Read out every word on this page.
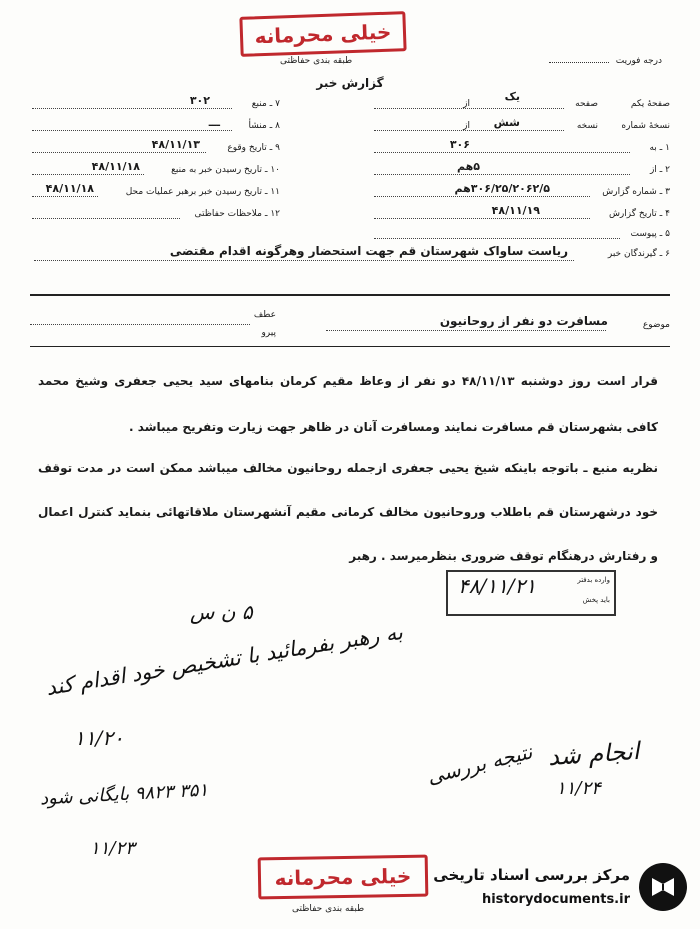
خیلی محرمانه
طبقه بندی حفاظتی	درجه فوریت
گزارش خبر
صفحهٔ یکم
صفحه
یک
از
نسخهٔ شماره
نسخه
شش
از
۱ ـ به
۳۰۶
۲ ـ از
۵هم
۳ ـ شماره گزارش
۳۰۶/۲۵/۲۰۶۲/۵هم
۴ ـ تاریخ گزارش
۴۸/۱۱/۱۹
۵ ـ پیوست
۷ ـ منبع
۳۰۲
۸ ـ منشأ
ـــ
۹ ـ تاریخ وقوع
۴۸/۱۱/۱۳
۱۰ ـ تاریخ رسیدن خبر به منبع
۴۸/۱۱/۱۸
۱۱ ـ تاریخ رسیدن خبر برهبر عملیات محل
۴۸/۱۱/۱۸
۱۲ ـ ملاحظات حفاظتی
۶ ـ گیرندگان خبر
ریاست ساواک شهرستان قم جهت استحضار وهرگونه اقدام مقتضی
موضوع
مسافرت دو نفر از روحانیون
عطف
پیرو
قرار است روز دوشنبه ۴۸/۱۱/۱۳ دو نفر از وعاظ مقیم کرمان بنامهای سید یحیی جعفری وشیخ محمد کافی بشهرستان قم مسافرت نمایند ومسافرت آنان در ظاهر جهت زیارت وتفریح میباشد .
نظریه منبع ـ باتوجه باینکه شیخ یحیی جعفری ازجمله روحانیون مخالف میباشد ممکن است در مدت توقف خود درشهرستان قم باطلاب وروحانیون مخالف کرمانی مقیم آنشهرستان ملاقاتهائی بنماید کنترل اعمال و رفتارش درهنگام توقف ضروری بنظرمیرسد . رهبر
وارده بدفتر
باید پخش
۴۸/۱۱/۲۱
۵ ن س
به رهبر بفرمائید با تشخیص خود اقدام کند
۱۱/۲۰
۳۵۱ ۹۸۲۳ بایگانی شود
۱۱/۲۳
انجام شد
نتیجه بررسی ۱۱/۲۴
خیلی محرمانه
طبقه بندی حفاظتی
مرکز بررسی اسناد تاریخی
historydocuments.ir
